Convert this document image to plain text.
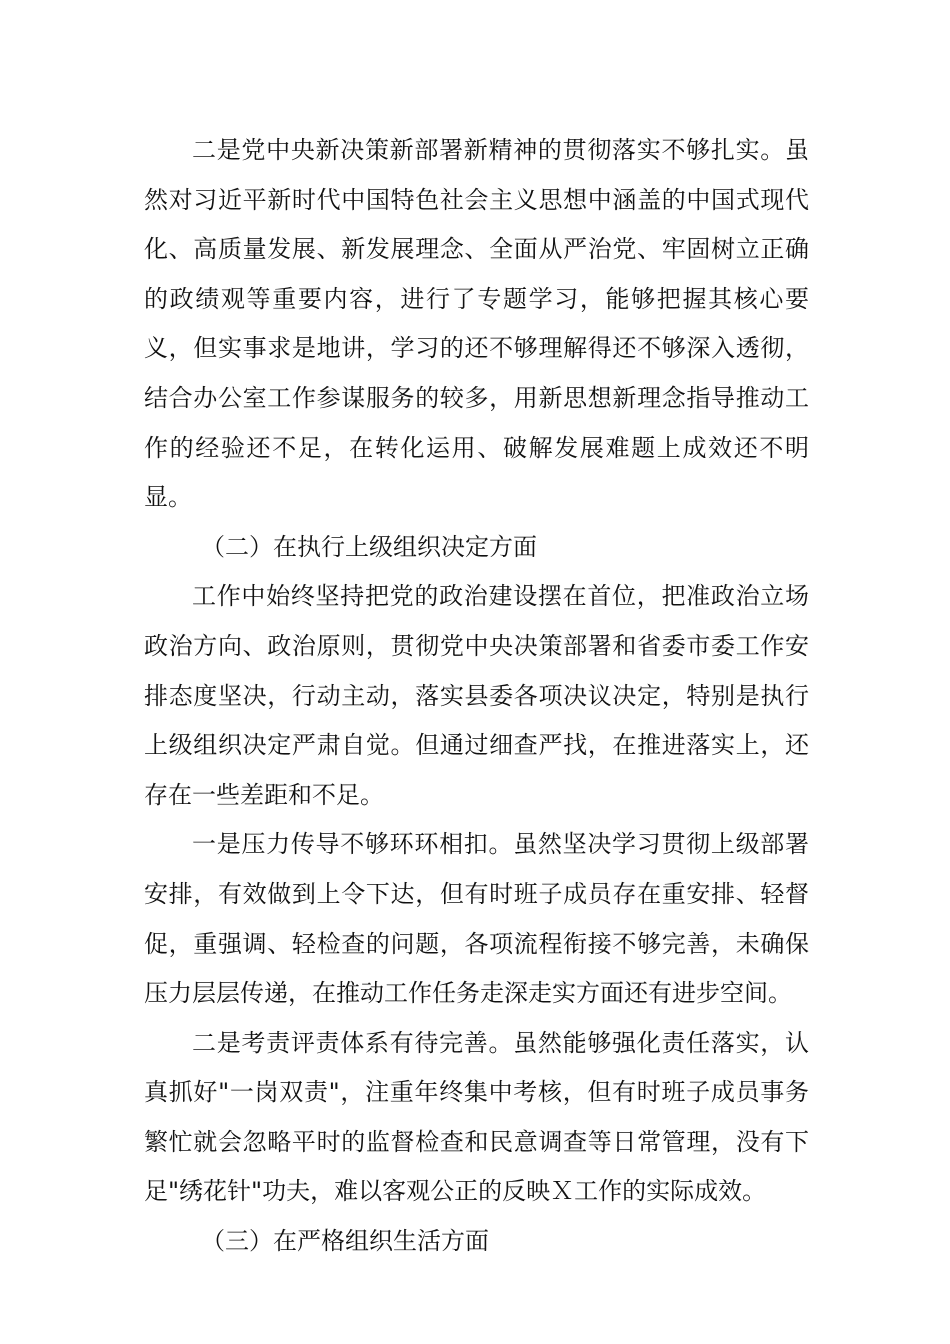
二是党中央新决策新部署新精神的贯彻落实不够扎实。虽然对习近平新时代中国特色社会主义思想中涵盖的中国式现代化、高质量发展、新发展理念、全面从严治党、牢固树立正确的政绩观等重要内容，进行了专题学习，能够把握其核心要义，但实事求是地讲，学习的还不够理解得还不够深入透彻，结合办公室工作参谋服务的较多，用新思想新理念指导推动工作的经验还不足，在转化运用、破解发展难题上成效还不明显。

（二）在执行上级组织决定方面

工作中始终坚持把党的政治建设摆在首位，把准政治立场政治方向、政治原则，贯彻党中央决策部署和省委市委工作安排态度坚决，行动主动，落实县委各项决议决定，特别是执行上级组织决定严肃自觉。但通过细查严找，在推进落实上，还存在一些差距和不足。

一是压力传导不够环环相扣。虽然坚决学习贯彻上级部署安排，有效做到上令下达，但有时班子成员存在重安排、轻督促，重强调、轻检查的问题，各项流程衔接不够完善，未确保压力层层传递，在推动工作任务走深走实方面还有进步空间。

二是考责评责体系有待完善。虽然能够强化责任落实，认真抓好"一岗双责"，注重年终集中考核，但有时班子成员事务繁忙就会忽略平时的监督检查和民意调查等日常管理，没有下足"绣花针"功夫，难以客观公正的反映Ｘ工作的实际成效。

（三）在严格组织生活方面
